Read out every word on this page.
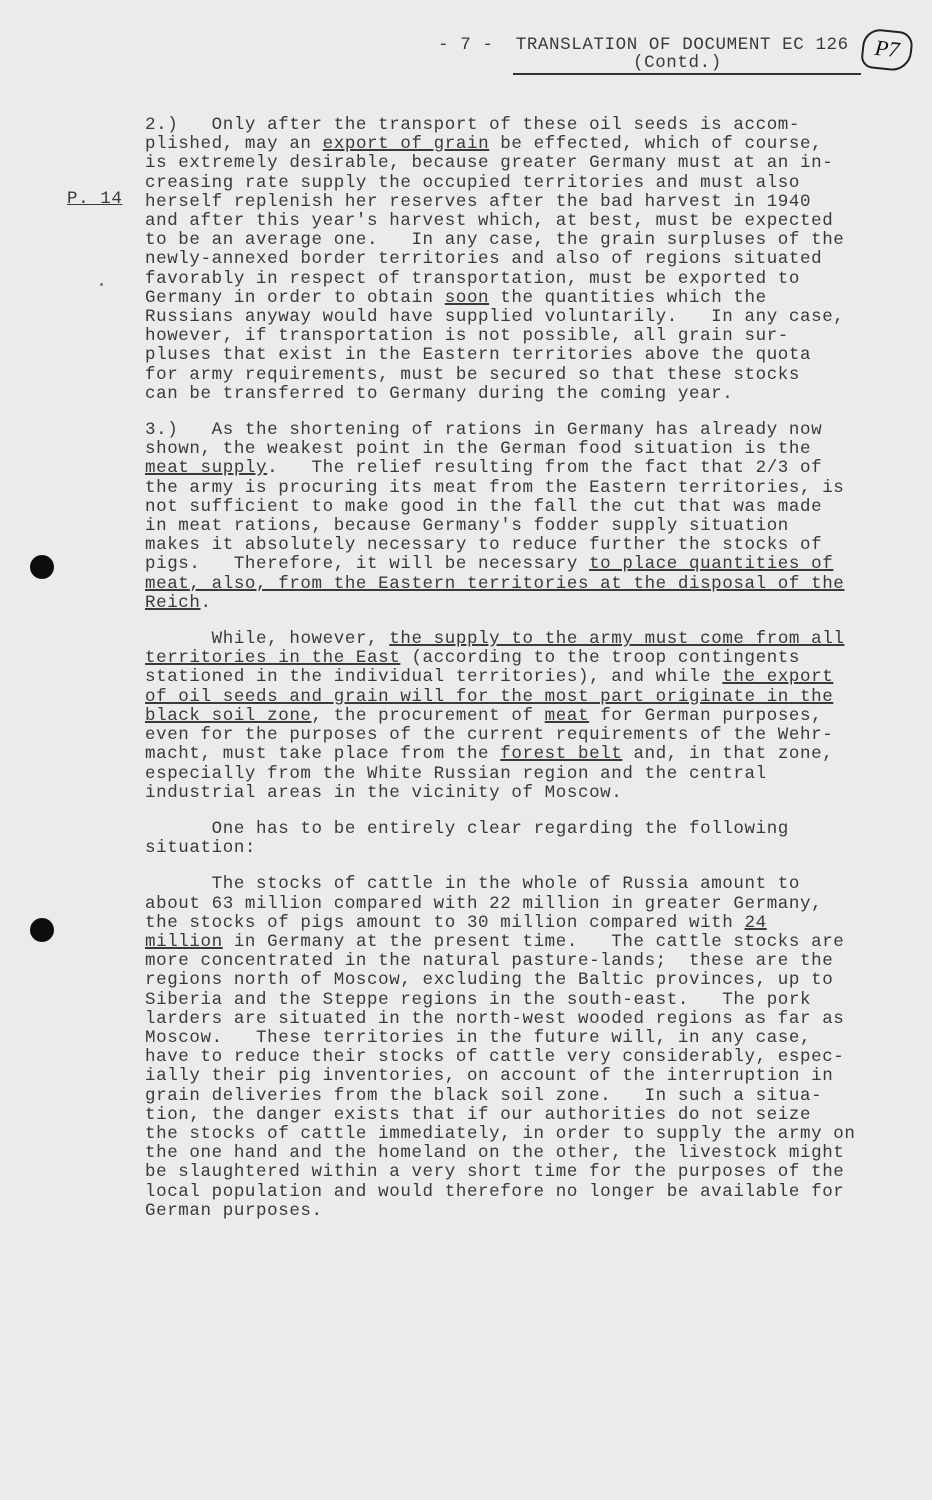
- 7 -  TRANSLATION OF DOCUMENT EC 126
(Contd.)
P7
P. 14

2.)   Only after the transport of these oil seeds is accom-
plished, may an export of grain be effected, which of course,
is extremely desirable, because greater Germany must at an in-
creasing rate supply the occupied territories and must also
herself replenish her reserves after the bad harvest in 1940
and after this year's harvest which, at best, must be expected
to be an average one.   In any case, the grain surpluses of the
newly-annexed border territories and also of regions situated
favorably in respect of transportation, must be exported to
Germany in order to obtain soon the quantities which the
Russians anyway would have supplied voluntarily.   In any case,
however, if transportation is not possible, all grain sur-
pluses that exist in the Eastern territories above the quota
for army requirements, must be secured so that these stocks
can be transferred to Germany during the coming year.

3.)   As the shortening of rations in Germany has already now
shown, the weakest point in the German food situation is the
meat supply.   The relief resulting from the fact that 2/3 of
the army is procuring its meat from the Eastern territories, is
not sufficient to make good in the fall the cut that was made
in meat rations, because Germany's fodder supply situation
makes it absolutely necessary to reduce further the stocks of
pigs.   Therefore, it will be necessary to place quantities of
meat, also, from the Eastern territories at the disposal of the
Reich.

While, however, the supply to the army must come from all
territories in the East (according to the troop contingents
stationed in the individual territories), and while the export
of oil seeds and grain will for the most part originate in the
black soil zone, the procurement of meat for German purposes,
even for the purposes of the current requirements of the Wehr-
macht, must take place from the forest belt and, in that zone,
especially from the White Russian region and the central
industrial areas in the vicinity of Moscow.

One has to be entirely clear regarding the following
situation:

The stocks of cattle in the whole of Russia amount to
about 63 million compared with 22 million in greater Germany,
the stocks of pigs amount to 30 million compared with 24
million in Germany at the present time.   The cattle stocks are
more concentrated in the natural pasture-lands;  these are the
regions north of Moscow, excluding the Baltic provinces, up to
Siberia and the Steppe regions in the south-east.   The pork
larders are situated in the north-west wooded regions as far as
Moscow.   These territories in the future will, in any case,
have to reduce their stocks of cattle very considerably, espec-
ially their pig inventories, on account of the interruption in
grain deliveries from the black soil zone.   In such a situa-
tion, the danger exists that if our authorities do not seize
the stocks of cattle immediately, in order to supply the army on
the one hand and the homeland on the other, the livestock might
be slaughtered within a very short time for the purposes of the
local population and would therefore no longer be available for
German purposes.
